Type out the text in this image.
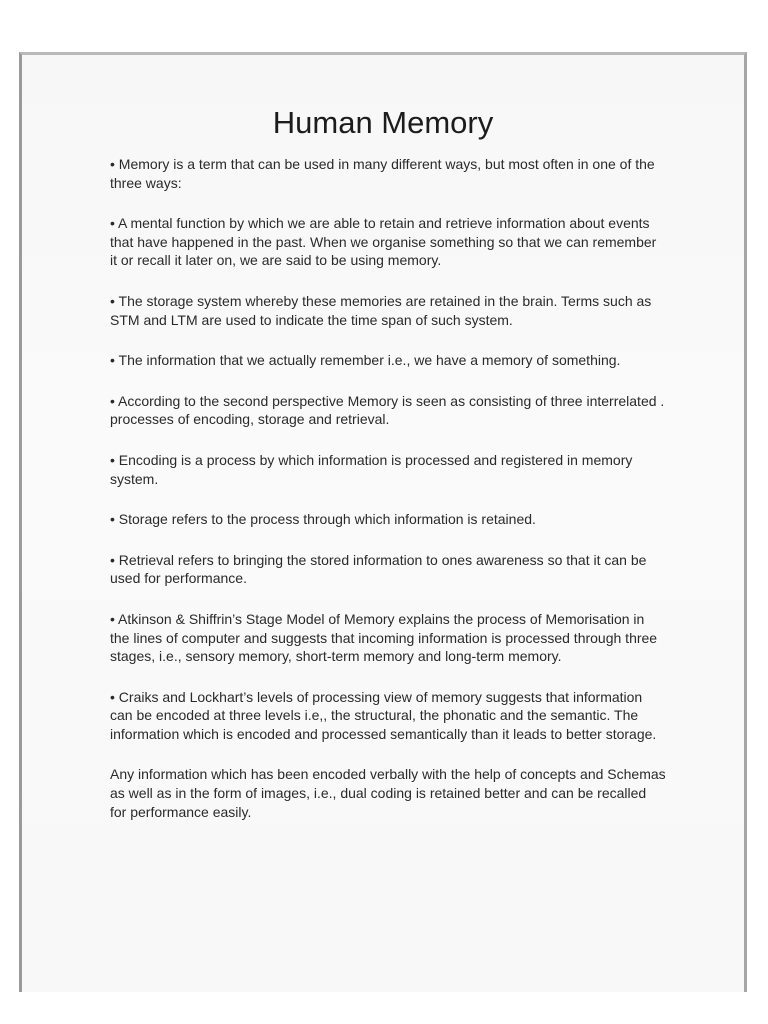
Human Memory

• Memory is a term that can be used in many different ways, but most often in one of the three ways:

• A mental function by which we are able to retain and retrieve information about events that have happened in the past. When we organise something so that we can remember it or recall it later on, we are said to be using memory.

• The storage system whereby these memories are retained in the brain. Terms such as STM and LTM are used to indicate the time span of such system.

• The information that we actually remember i.e., we have a memory of something.

• According to the second perspective Memory is seen as consisting of three interrelated . processes of encoding, storage and retrieval.

• Encoding is a process by which information is processed and registered in memory system.

• Storage refers to the process through which information is retained.

• Retrieval refers to bringing the stored information to ones awareness so that it can be used for performance.

• Atkinson & Shiffrin’s Stage Model of Memory explains the process of Memorisation in the lines of computer and suggests that incoming information is processed through three stages, i.e., sensory memory, short-term memory and long-term memory.

• Craiks and Lockhart’s levels of processing view of memory suggests that information can be encoded at three levels i.e,, the structural, the phonatic and the semantic. The information which is encoded and processed semantically than it leads to better storage.

Any information which has been encoded verbally with the help of concepts and Schemas as well as in the form of images, i.e., dual coding is retained better and can be recalled for performance easily.
